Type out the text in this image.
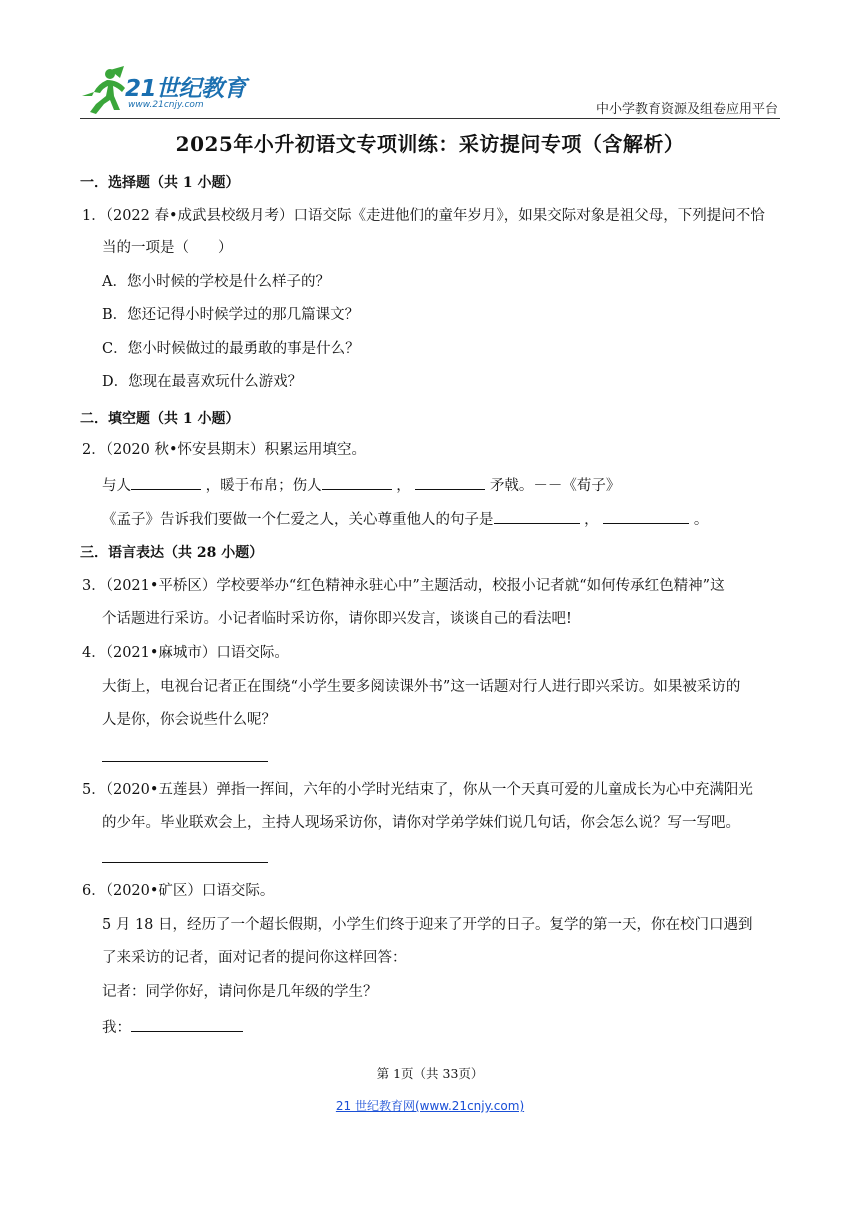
21世纪教育
www.21cnjy.com	中小学教育资源及组卷应用平台
2025年小升初语文专项训练：采访提问专项（含解析）
一．选择题（共 1 小题）
1．（2022 春•成武县校级月考）口语交际《走进他们的童年岁月》，如果交际对象是祖父母，下列提问不恰
当的一项是（　　）
A．您小时候的学校是什么样子的？
B．您还记得小时候学过的那几篇课文？
C．您小时候做过的最勇敢的事是什么？
D．您现在最喜欢玩什么游戏？
二．填空题（共 1 小题）
2．（2020 秋•怀安县期末）积累运用填空。
与人	，暖于布帛；伤人	，	矛戟。－－《荀子》
《孟子》告诉我们要做一个仁爱之人，关心尊重他人的句子是	，	。
三．语言表达（共 28 小题）
3．（2021•平桥区）学校要举办“红色精神永驻心中”主题活动，校报小记者就“如何传承红色精神”这
个话题进行采访。小记者临时采访你，请你即兴发言，谈谈自己的看法吧!
4．（2021•麻城市）口语交际。
大街上，电视台记者正在围绕“小学生要多阅读课外书”这一话题对行人进行即兴采访。如果被采访的
人是你，你会说些什么呢？
5．（2020•五莲县）弹指一挥间，六年的小学时光结束了，你从一个天真可爱的儿童成长为心中充满阳光
的少年。毕业联欢会上，主持人现场采访你，请你对学弟学妹们说几句话，你会怎么说？写一写吧。
6．（2020•矿区）口语交际。
5 月 18 日，经历了一个超长假期，小学生们终于迎来了开学的日子。复学的第一天，你在校门口遇到
了来采访的记者，面对记者的提问你这样回答：
记者：同学你好，请问你是几年级的学生？
我：
第 1页（共 33页）
21 世纪教育网(www.21cnjy.com)
